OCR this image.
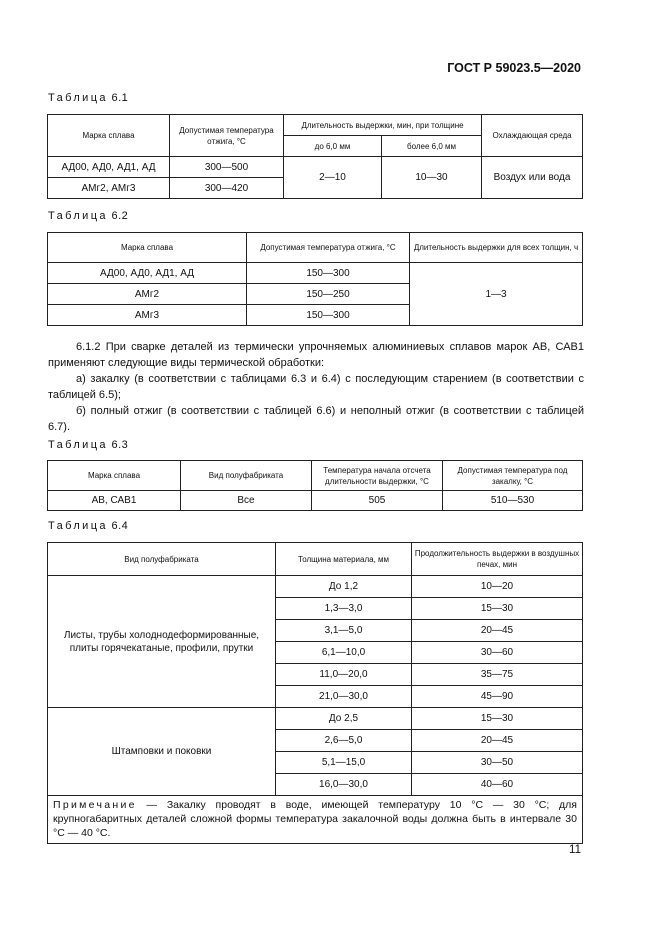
ГОСТ Р 59023.5—2020
Таблица 6.1
Марка сплава	Допустимая температура отжига, °С	Длительность выдержки, мин, при толщине		Охлаждающая среда
		до 6,0 мм	более 6,0 мм	
АД00, АД0, АД1, АД	300—500	2—10	10—30	Воздух или вода
АМг2, АМг3	300—420			
Таблица 6.2
Марка сплава	Допустимая температура отжига, °С	Длительность выдержки для всех толщин, ч
АД00, АД0, АД1, АД	150—300	1—3
АМг2	150—250	
АМг3	150—300	

6.1.2 При сварке деталей из термически упрочняемых алюминиевых сплавов марок АВ, САВ1 применяют следующие виды термической обработки:

а) закалку (в соответствии с таблицами 6.3 и 6.4) с последующим старением (в соответствии с таблицей 6.5);

б) полный отжиг (в соответствии с таблицей 6.6) и неполный отжиг (в соответствии с таблицей 6.7).

Таблица 6.3
Марка сплава	Вид полуфабриката	Температура начала отсчета длительности выдержки, °С	Допустимая температура под закалку, °С
АВ, САВ1	Все	505	510—530
Таблица 6.4
Вид полуфабриката	Толщина материала, мм	Продолжительность выдержки в воздушных печах, мин
Листы, трубы холоднодеформированные, плиты горячекатаные, профили, прутки	До 1,2	10—20
	1,3—3,0	15—30
	3,1—5,0	20—45
	6,1—10,0	30—60
	11,0—20,0	35—75
	21,0—30,0	45—90
Штамповки и поковки	До 2,5	15—30
	2,6—5,0	20—45
	5,1—15,0	30—50
	16,0—30,0	40—60
Примечание — Закалку проводят в воде, имеющей температуру 10 °С — 30 °С; для крупногабаритных деталей сложной формы температура закалочной воды должна быть в интервале 30 °С — 40 °С.		
11
